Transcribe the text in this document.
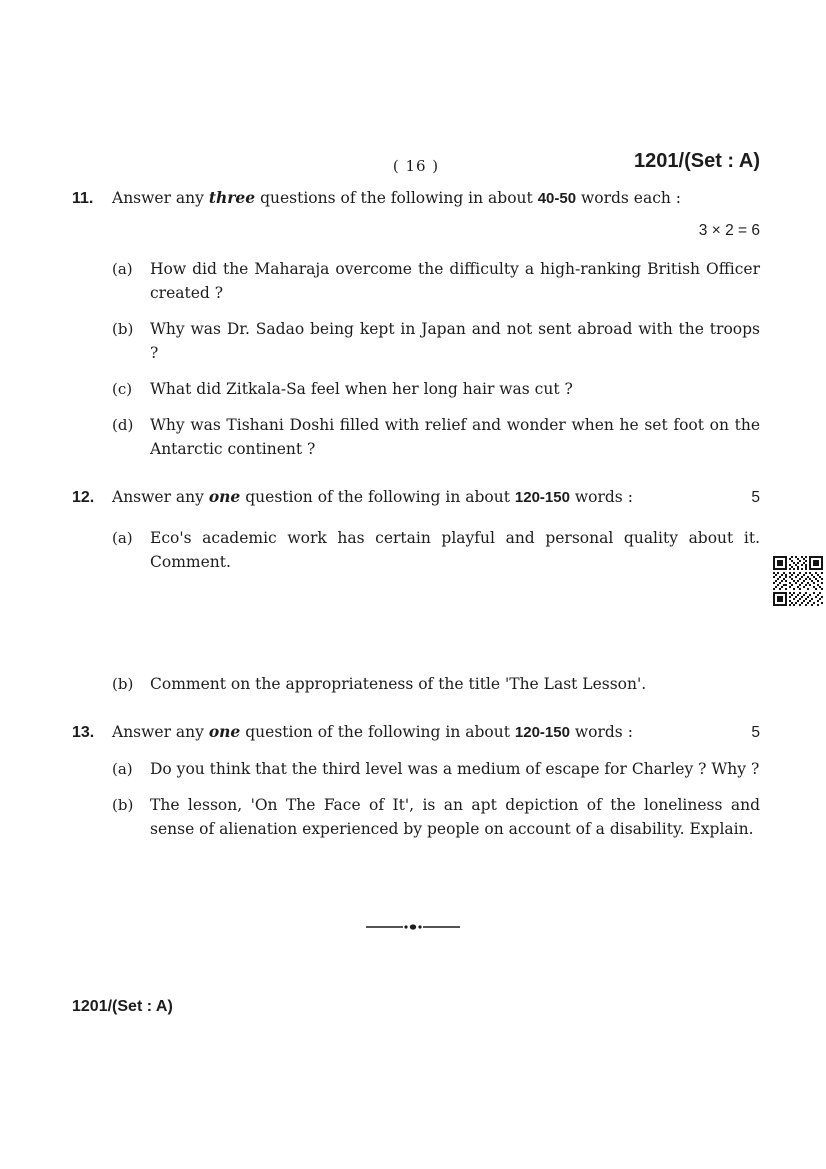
( 16 )	1201/(Set : A)
11.	Answer any three questions of the following in about 40-50 words each :
3 × 2 = 6
(a)	How did the Maharaja overcome the difficulty a high-ranking British Officer created ?
(b)	Why was Dr. Sadao being kept in Japan and not sent abroad with the troops ?
(c)	What did Zitkala-Sa feel when her long hair was cut ?
(d)	Why was Tishani Doshi filled with relief and wonder when he set foot on the Antarctic continent ?
12.	Answer any one question of the following in about 120-150 words :	5
(a)	Eco's academic work has certain playful and personal quality about it. Comment.
(b)	Comment on the appropriateness of the title 'The Last Lesson'.
13.	Answer any one question of the following in about 120-150 words :	5
(a)	Do you think that the third level was a medium of escape for Charley ? Why ?
(b)	The lesson, 'On The Face of It', is an apt depiction of the loneliness and sense of alienation experienced by people on account of a disability. Explain.
1201/(Set : A)
